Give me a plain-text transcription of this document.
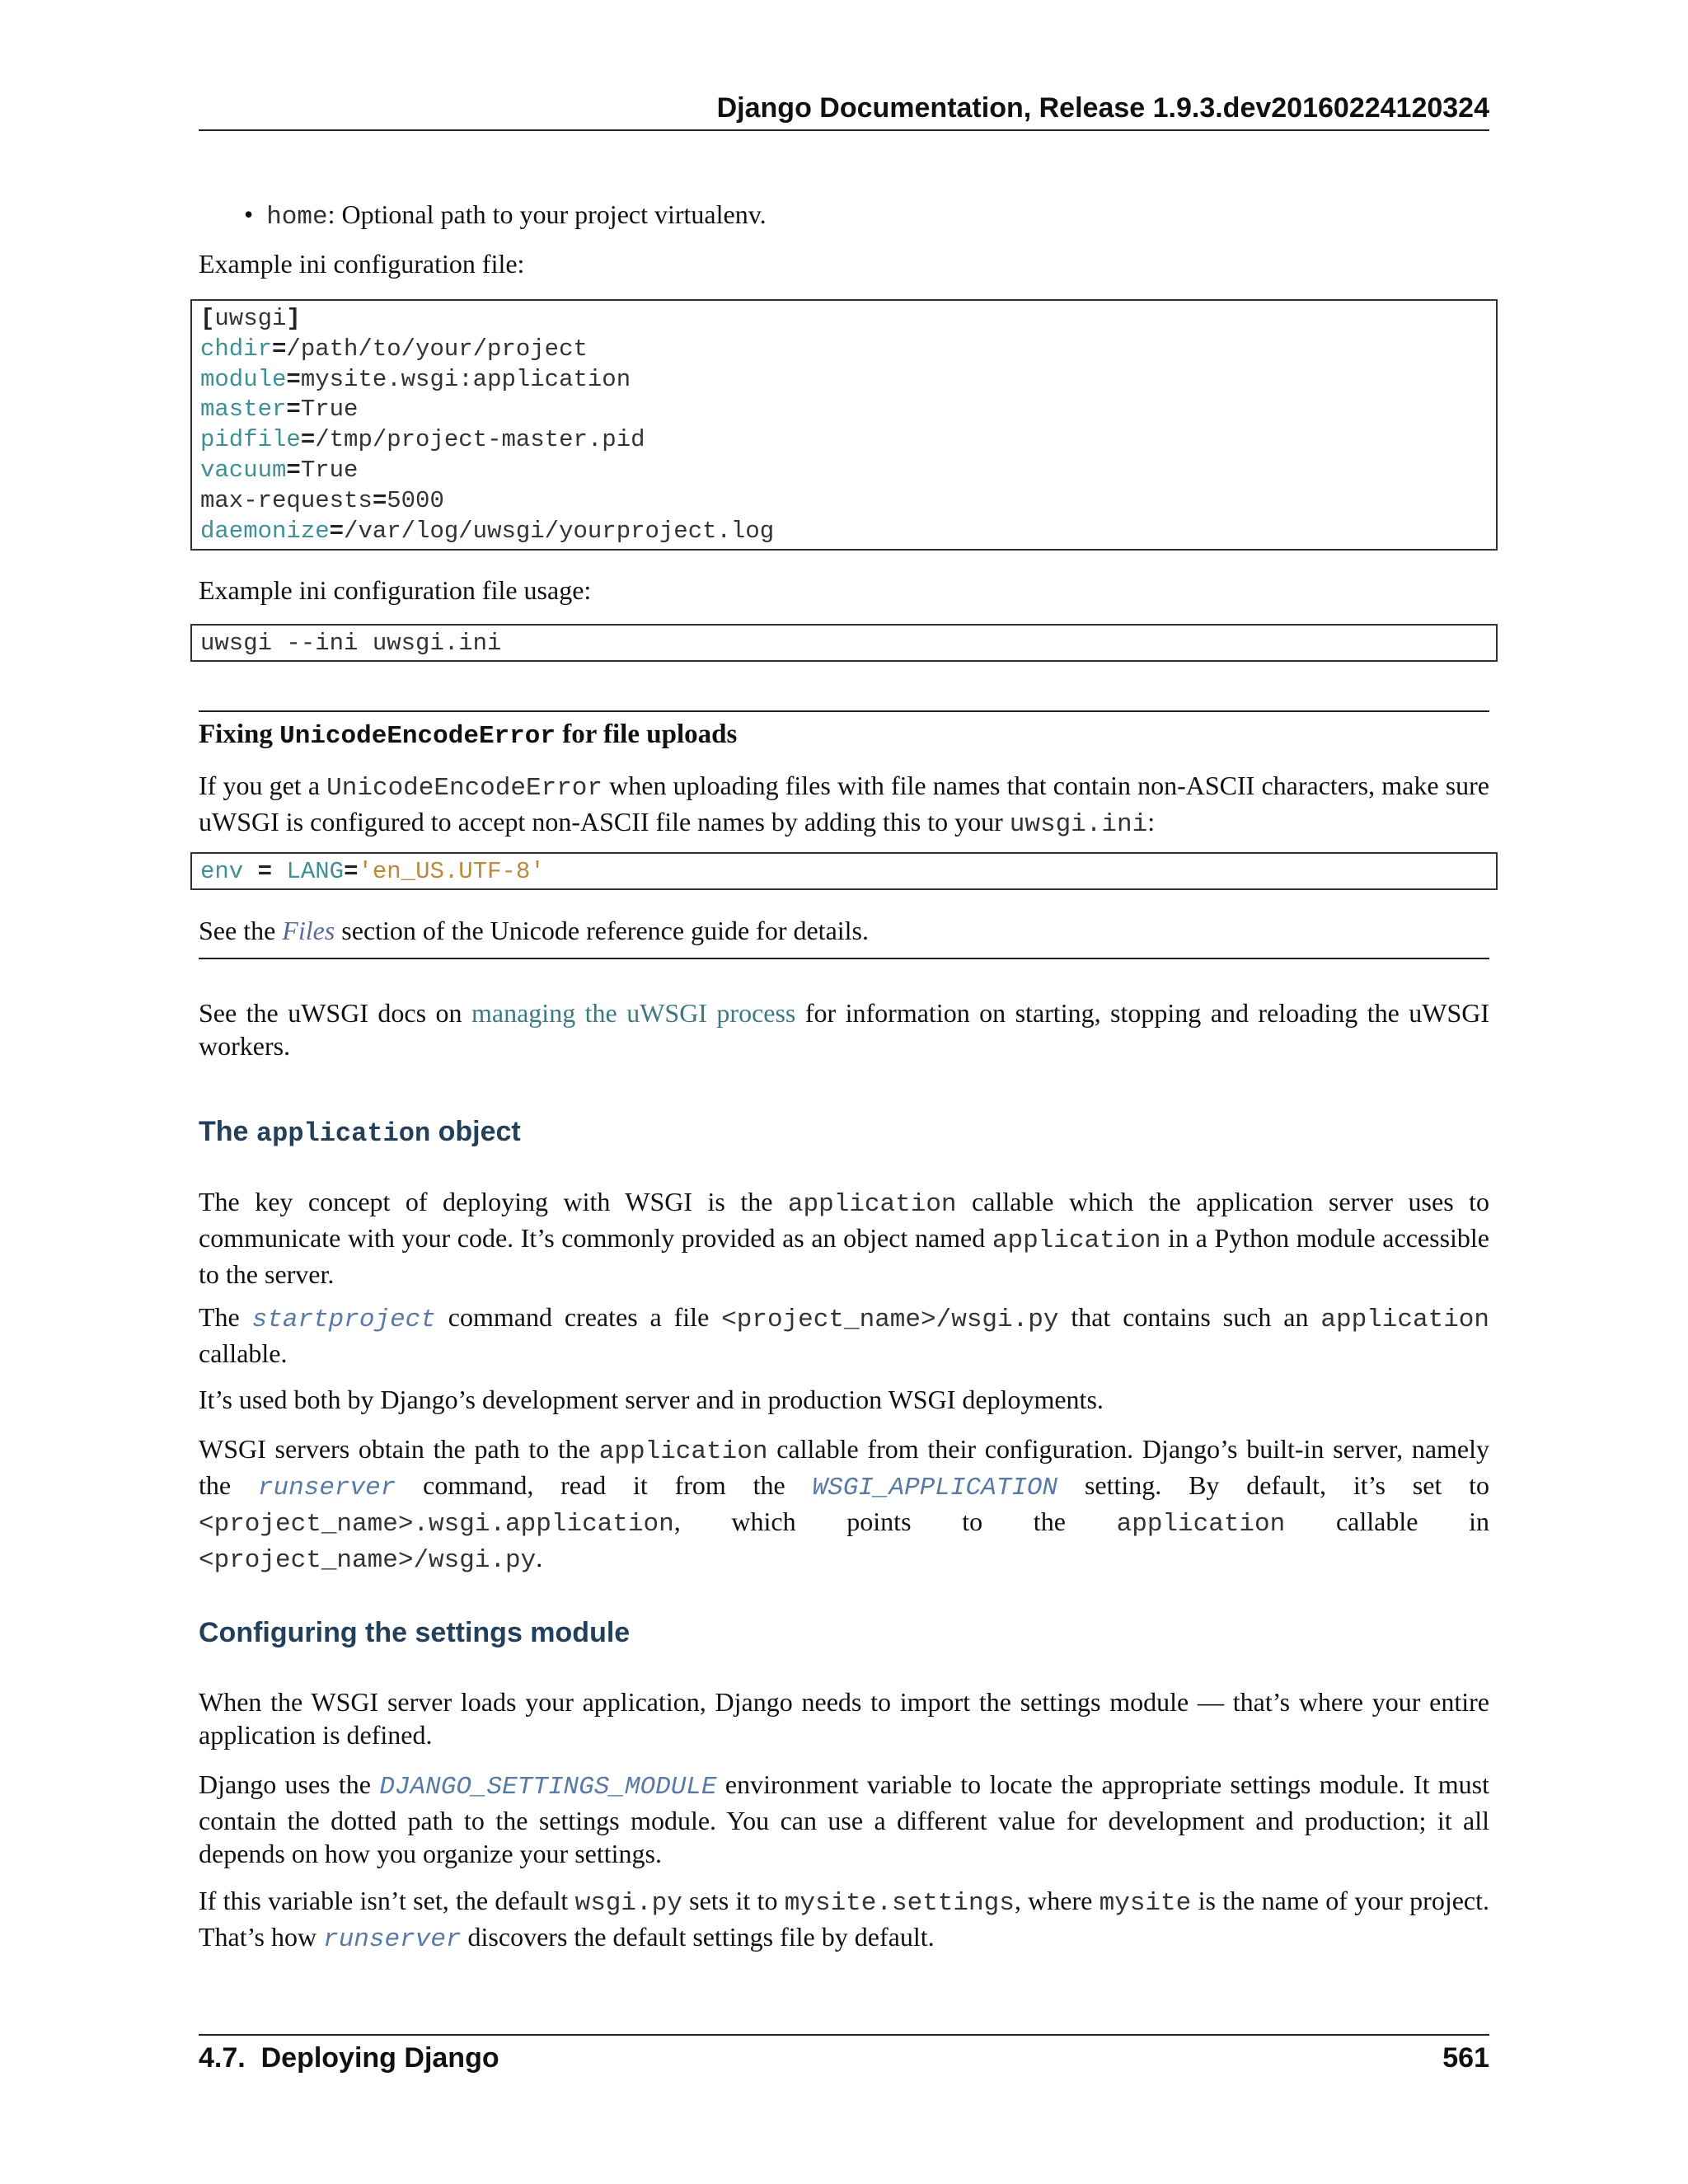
Django Documentation, Release 1.9.3.dev20160224120324
•  home: Optional path to your project virtualenv.
Example ini configuration file:
[uwsgi]
chdir=/path/to/your/project
module=mysite.wsgi:application
master=True
pidfile=/tmp/project-master.pid
vacuum=True
max-requests=5000
daemonize=/var/log/uwsgi/yourproject.log
Example ini configuration file usage:
uwsgi --ini uwsgi.ini
Fixing UnicodeEncodeError for file uploads
If you get a UnicodeEncodeError when uploading files with file names that contain non-ASCII characters, make sure uWSGI is configured to accept non-ASCII file names by adding this to your uwsgi.ini:
env = LANG='en_US.UTF-8'
See the Files section of the Unicode reference guide for details.
See the uWSGI docs on managing the uWSGI process for information on starting, stopping and reloading the uWSGI workers.
The application object
The key concept of deploying with WSGI is the application callable which the application server uses to communicate with your code. It’s commonly provided as an object named application in a Python module accessible to the server.
The startproject command creates a file <project_name>/wsgi.py that contains such an application callable.
It’s used both by Django’s development server and in production WSGI deployments.
WSGI servers obtain the path to the application callable from their configuration. Django’s built-in server, namely the runserver command, read it from the WSGI_APPLICATION setting. By default, it’s set to <project_name>.wsgi.application, which points to the application callable in <project_name>/wsgi.py.
Configuring the settings module
When the WSGI server loads your application, Django needs to import the settings module — that’s where your entire application is defined.
Django uses the DJANGO_SETTINGS_MODULE environment variable to locate the appropriate settings module. It must contain the dotted path to the settings module. You can use a different value for development and production; it all depends on how you organize your settings.
If this variable isn’t set, the default wsgi.py sets it to mysite.settings, where mysite is the name of your project. That’s how runserver discovers the default settings file by default.
4.7.  Deploying Django	561
